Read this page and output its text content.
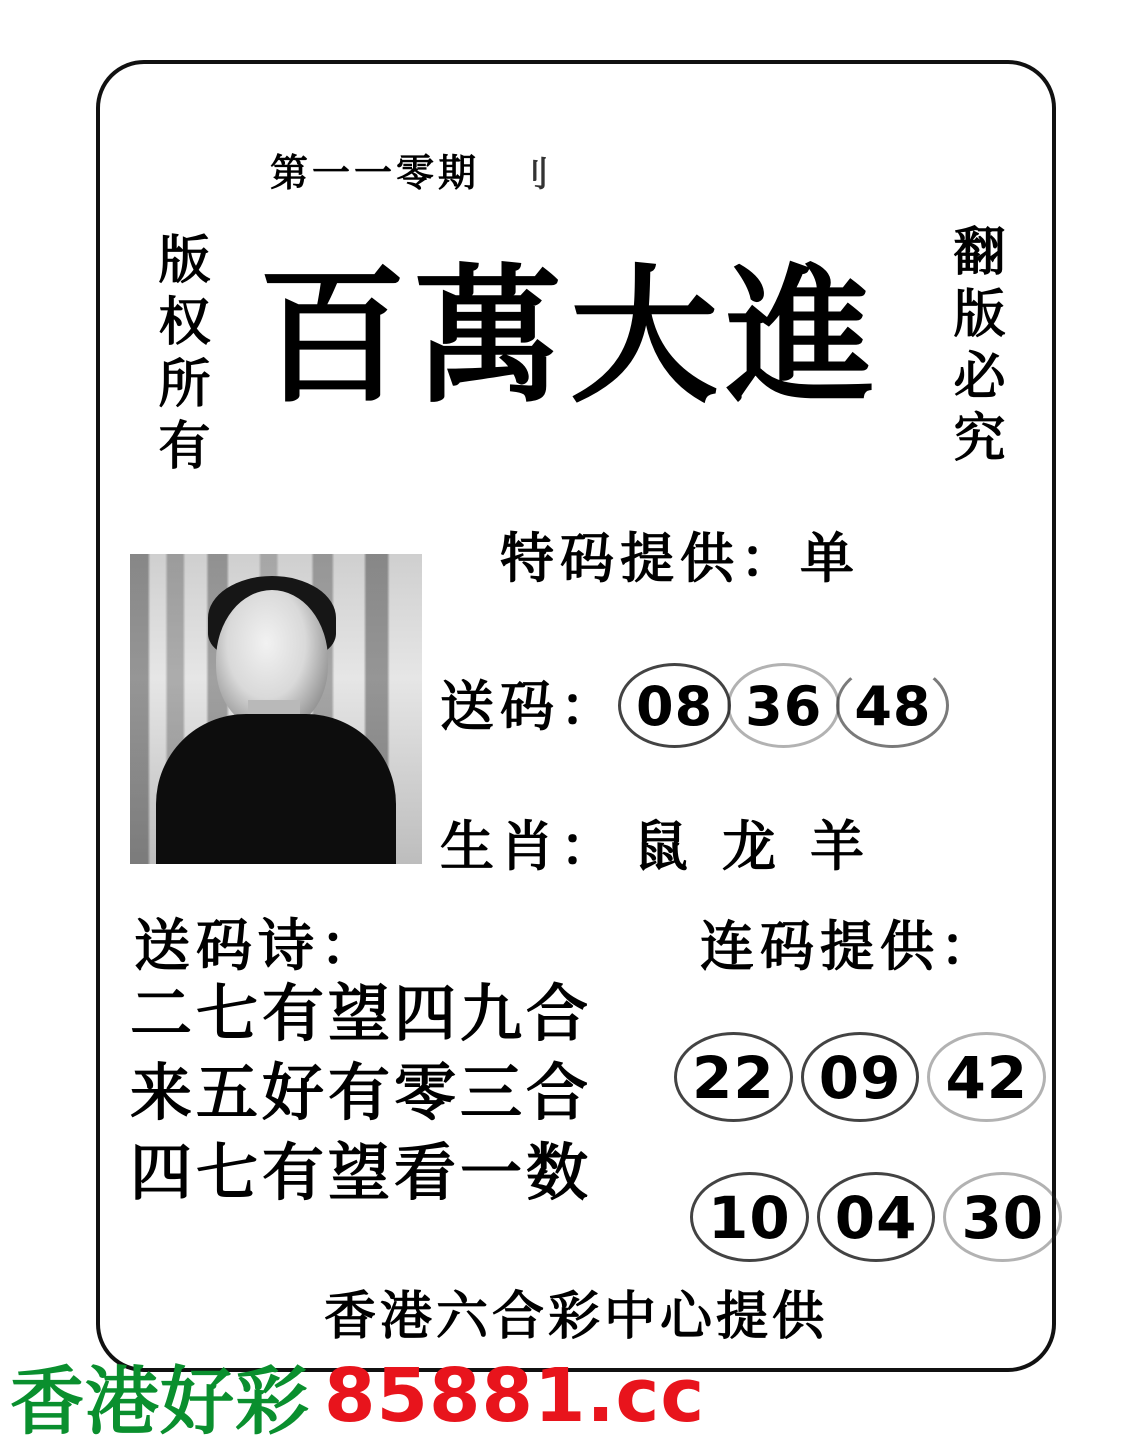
第一一零期 刂
版权所有	翻版必究
百萬大進
特码提供：单
送码： 08 36 48
生肖： 鼠 龙 羊
送码诗：
二七有望四九合
来五好有零三合
四七有望看一数
连码提供：
22 09 42
10 04 30
香港六合彩中心提供
香港好彩 85881.cc
